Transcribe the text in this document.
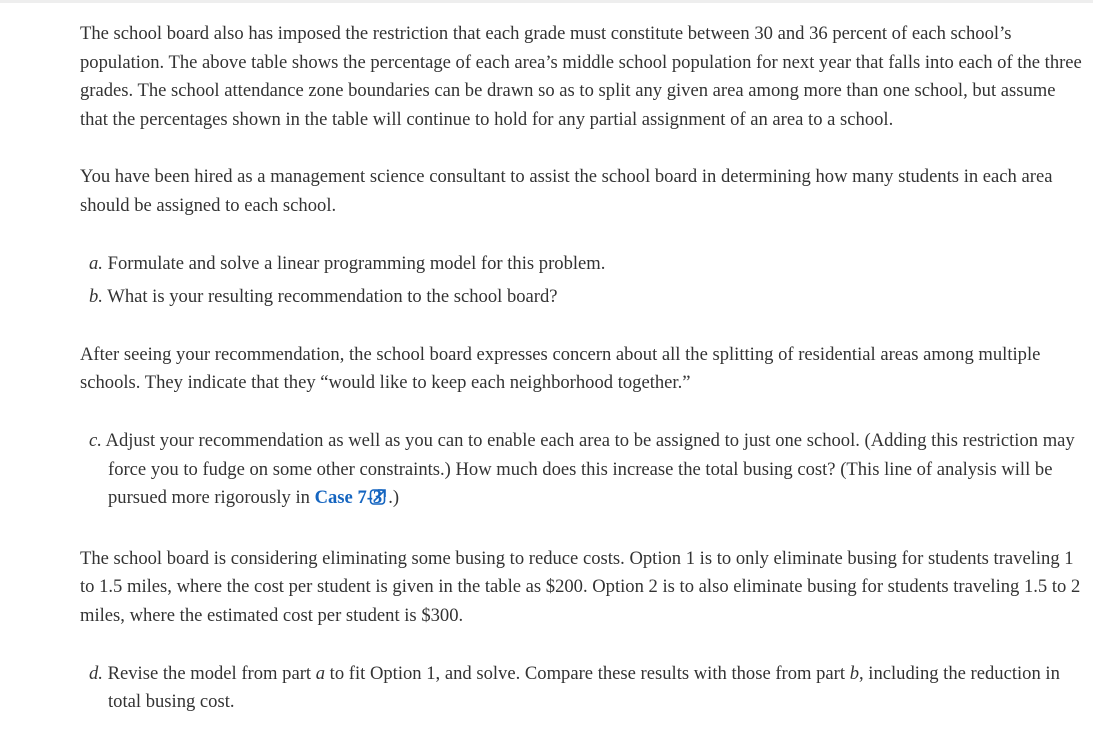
The school board also has imposed the restriction that each grade must constitute between 30 and 36 percent of each school’s population. The above table shows the percentage of each area’s middle school population for next year that falls into each of the three grades. The school attendance zone boundaries can be drawn so as to split any given area among more than one school, but assume that the percentages shown in the table will continue to hold for any partial assignment of an area to a school.

You have been hired as a management science consultant to assist the school board in determining how many students in each area should be assigned to each school.

a. Formulate and solve a linear programming model for this problem.
b. What is your resulting recommendation to the school board?

After seeing your recommendation, the school board expresses concern about all the splitting of residential areas among multiple schools. They indicate that they “would like to keep each neighborhood together.”

c. Adjust your recommendation as well as you can to enable each area to be assigned to just one school. (Adding this restriction may force you to fudge on some other constraints.) How much does this increase the total busing cost? (This line of analysis will be pursued more rigorously in Case 7-3 .)

The school board is considering eliminating some busing to reduce costs. Option 1 is to only eliminate busing for students traveling 1 to 1.5 miles, where the cost per student is given in the table as $200. Option 2 is to also eliminate busing for students traveling 1.5 to 2 miles, where the estimated cost per student is $300.

d. Revise the model from part a to fit Option 1, and solve. Compare these results with those from part b, including the reduction in total busing cost.
